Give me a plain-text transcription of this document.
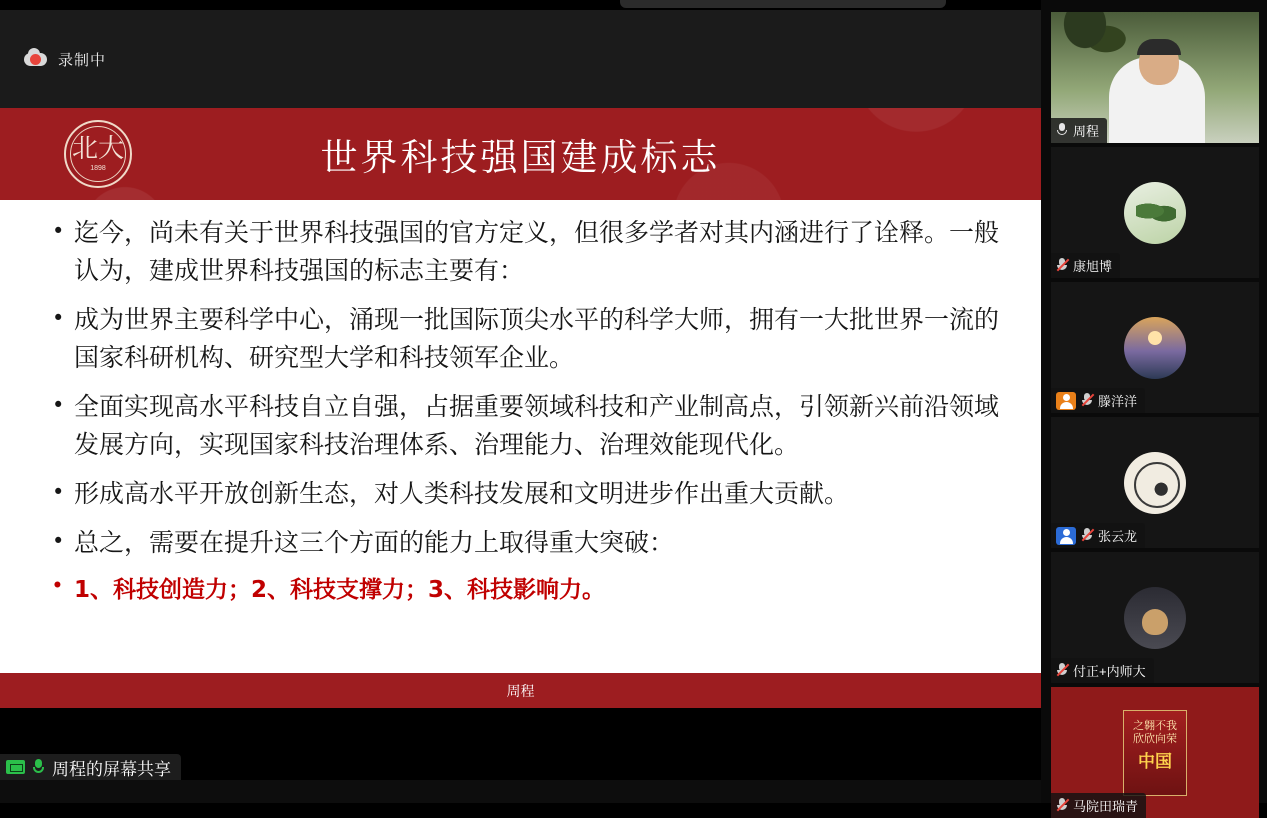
录制中
北大
1898	世界科技强国建成标志
• 迄今，尚未有关于世界科技强国的官方定义，但很多学者对其内涵进行了诠释。一般认为，建成世界科技强国的标志主要有：
• 成为世界主要科学中心，涌现一批国际顶尖水平的科学大师，拥有一大批世界一流的国家科研机构、研究型大学和科技领军企业。
• 全面实现高水平科技自立自强，占据重要领域科技和产业制高点，引领新兴前沿领域发展方向，实现国家科技治理体系、治理能力、治理效能现代化。
• 形成高水平开放创新生态，对人类科技发展和文明进步作出重大贡献。
• 总之，需要在提升这三个方面的能力上取得重大突破：
• 1、科技创造力；2、科技支撑力；3、科技影响力。
周程
周程的屏幕共享
周程
康旭博
滕洋洋
张云龙
付正+内师大
之翱不我
欣欣向荣
中国
马院田瑞青
